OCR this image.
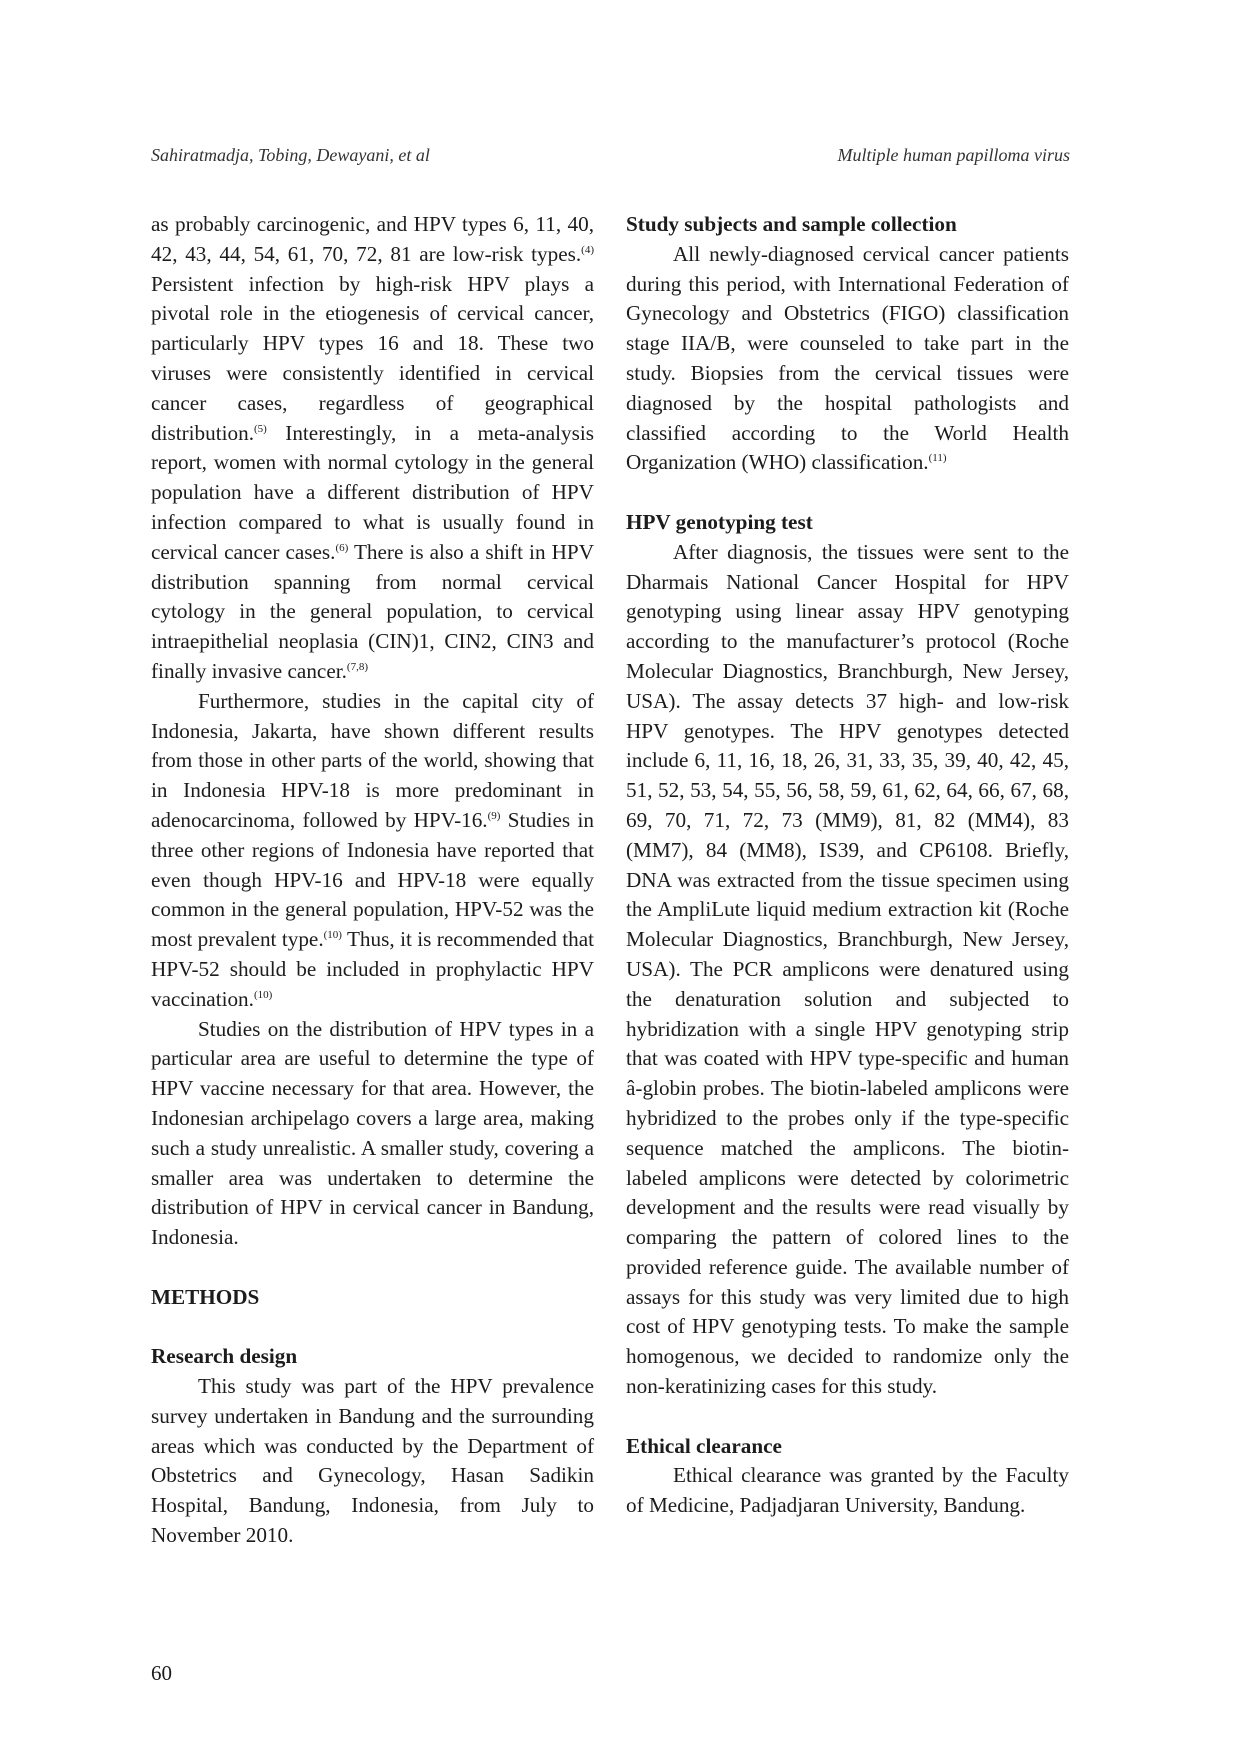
Sahiratmadja, Tobing, Dewayani, et al	Multiple human papilloma virus

as probably carcinogenic, and HPV types 6, 11, 40, 42, 43, 44, 54, 61, 70, 72, 81 are low-risk types.$^{(4)}$ Persistent infection by high-risk HPV plays a pivotal role in the etiogenesis of cervical cancer, particularly HPV types 16 and 18. These two viruses were consistently identified in cervical cancer cases, regardless of geographical distribution.$^{(5)}$ Interestingly, in a meta-analysis report, women with normal cytology in the general population have a different distribution of HPV infection compared to what is usually found in cervical cancer cases.$^{(6)}$ There is also a shift in HPV distribution spanning from normal cervical cytology in the general population, to cervical intraepithelial neoplasia (CIN)1, CIN2, CIN3 and finally invasive cancer.$^{(7,8)}$

Furthermore, studies in the capital city of Indonesia, Jakarta, have shown different results from those in other parts of the world, showing that in Indonesia HPV-18 is more predominant in adenocarcinoma, followed by HPV-16.$^{(9)}$ Studies in three other regions of Indonesia have reported that even though HPV-16 and HPV-18 were equally common in the general population, HPV-52 was the most prevalent type.$^{(10)}$ Thus, it is recommended that HPV-52 should be included in prophylactic HPV vaccination.$^{(10)}$

Studies on the distribution of HPV types in a particular area are useful to determine the type of HPV vaccine necessary for that area. However, the Indonesian archipelago covers a large area, making such a study unrealistic. A smaller study, covering a smaller area was undertaken to determine the distribution of HPV in cervical cancer in Bandung, Indonesia.

METHODS

Research design

This study was part of the HPV prevalence survey undertaken in Bandung and the surrounding areas which was conducted by the Department of Obstetrics and Gynecology, Hasan Sadikin Hospital, Bandung, Indonesia, from July to November 2010.

Study subjects and sample collection

All newly-diagnosed cervical cancer patients during this period, with International Federation of Gynecology and Obstetrics (FIGO) classification stage IIA/B, were counseled to take part in the study. Biopsies from the cervical tissues were diagnosed by the hospital pathologists and classified according to the World Health Organization (WHO) classification.$^{(11)}$

HPV genotyping test

After diagnosis, the tissues were sent to the Dharmais National Cancer Hospital for HPV genotyping using linear assay HPV genotyping according to the manufacturer’s protocol (Roche Molecular Diagnostics, Branchburgh, New Jersey, USA). The assay detects 37 high- and low-risk HPV genotypes. The HPV genotypes detected include 6, 11, 16, 18, 26, 31, 33, 35, 39, 40, 42, 45, 51, 52, 53, 54, 55, 56, 58, 59, 61, 62, 64, 66, 67, 68, 69, 70, 71, 72, 73 (MM9), 81, 82 (MM4), 83 (MM7), 84 (MM8), IS39, and CP6108. Briefly, DNA was extracted from the tissue specimen using the AmpliLute liquid medium extraction kit (Roche Molecular Diagnostics, Branchburgh, New Jersey, USA). The PCR amplicons were denatured using the denaturation solution and subjected to hybridization with a single HPV genotyping strip that was coated with HPV type-specific and human â-globin probes. The biotin-labeled amplicons were hybridized to the probes only if the type-specific sequence matched the amplicons. The biotin-labeled amplicons were detected by colorimetric development and the results were read visually by comparing the pattern of colored lines to the provided reference guide. The available number of assays for this study was very limited due to high cost of HPV genotyping tests. To make the sample homogenous, we decided to randomize only the non-keratinizing cases for this study.

Ethical clearance

Ethical clearance was granted by the Faculty of Medicine, Padjadjaran University, Bandung.

60
